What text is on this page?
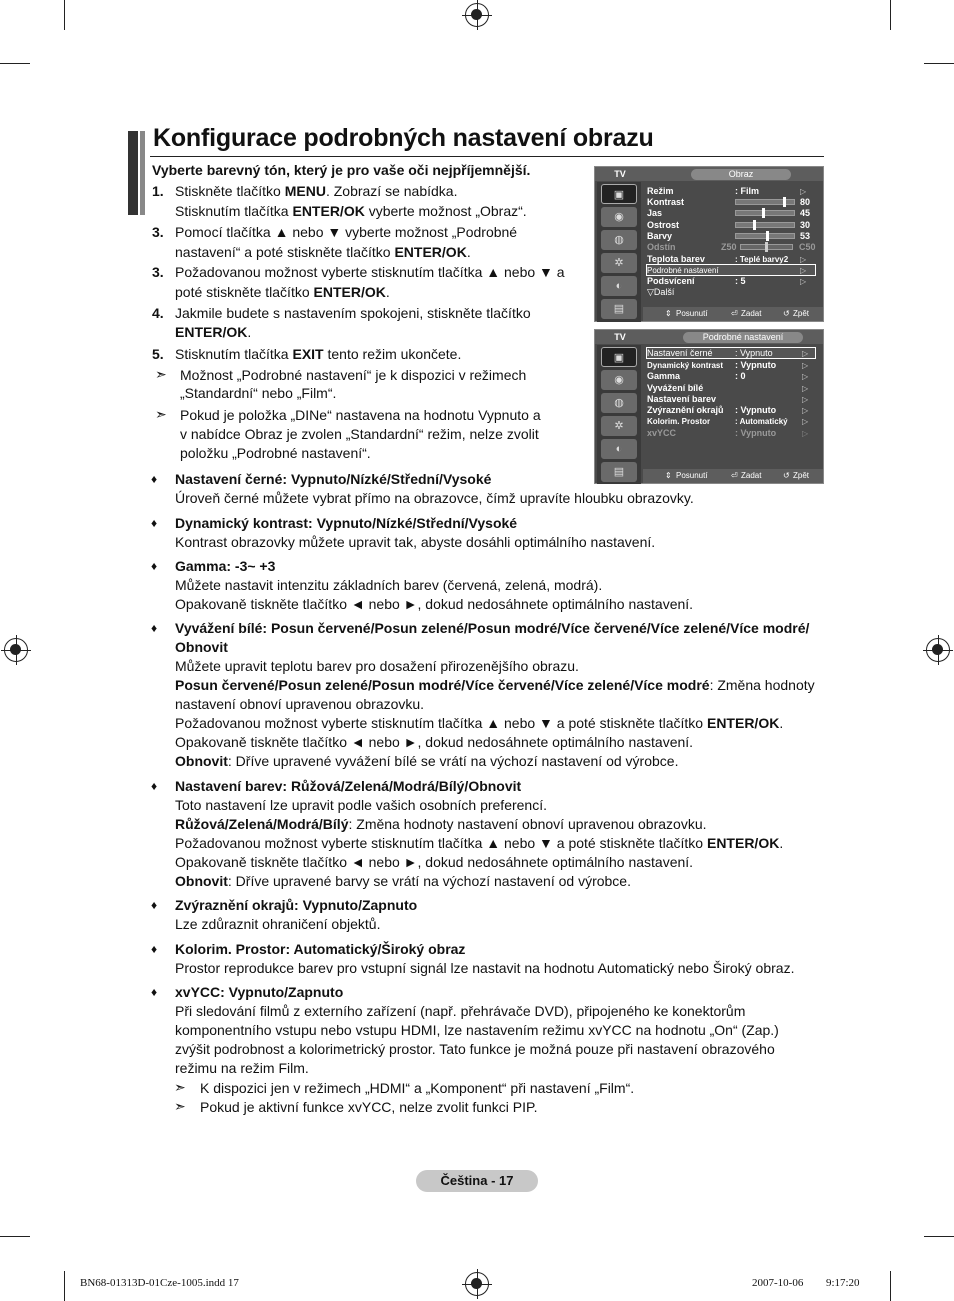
Konfigurace podrobných nastavení obrazu
Vyberte barevný tón, který je pro vaše oči nejpříjemnější.
1. Stiskněte tlačítko MENU. Zobrazí se nabídka.
Stisknutím tlačítka ENTER/OK vyberte možnost „Obraz“.
3. Pomocí tlačítka ▲ nebo ▼ vyberte možnost „Podrobné
nastavení“ a poté stiskněte tlačítko ENTER/OK.
3. Požadovanou možnost vyberte stisknutím tlačítka ▲ nebo ▼ a
poté stiskněte tlačítko ENTER/OK.
4. Jakmile budete s nastavením spokojeni, stiskněte tlačítko
ENTER/OK.
5. Stisknutím tlačítka EXIT tento režim ukončete.
➣ Možnost „Podrobné nastavení“ je k dispozici v režimech
„Standardní“ nebo „Film“.
➣ Pokud je položka „DINe“ nastavena na hodnotu Vypnuto a
v nabídce Obraz je zvolen „Standardní“ režim, nelze zvolit
položku „Podrobné nastavení“.
TV	Obraz
▣
◉
◍
✲
◐
▤
Režim	: Film	▷
Kontrast	80
Jas	45
Ostrost	30
Barvy	53
Odstín	Z50	C50
Teplota barev	: Teplé barvy2 ▷
Podrobné nastavení	▷
Podsvícení	: 5	▷
▽Další
⇕ Posunutí	⏎ Zadat	↺ Zpět
TV	Podrobné nastavení
▣
◉
◍
✲
◐
▤
Nastavení černé : Vypnuto	▷
Dynamický kontrast : Vypnuto	▷
Gamma	: 0	▷
Vyvážení bílé	▷
Nastavení barev	▷
Zvýraznění okrajů : Vypnuto	▷
Kolorim. Prostor	: Automatický ▷
xvYCC	: Vypnuto	▷
⇕ Posunutí	⏎ Zadat	↺ Zpět
♦ Nastavení černé: Vypnuto/Nízké/Střední/Vysoké
Úroveň černé můžete vybrat přímo na obrazovce, čímž upravíte hloubku obrazovky.
♦ Dynamický kontrast: Vypnuto/Nízké/Střední/Vysoké
Kontrast obrazovky můžete upravit tak, abyste dosáhli optimálního nastavení.
♦ Gamma: -3~ +3
Můžete nastavit intenzitu základních barev (červená, zelená, modrá).
Opakovaně tiskněte tlačítko ◄ nebo ►, dokud nedosáhnete optimálního nastavení.
♦ Vyvážení bílé: Posun červené/Posun zelené/Posun modré/Více červené/Více zelené/Více modré/
Obnovit
Můžete upravit teplotu barev pro dosažení přirozenějšího obrazu.
Posun červené/Posun zelené/Posun modré/Více červené/Více zelené/Více modré: Změna hodnoty
nastavení obnoví upravenou obrazovku.
Požadovanou možnost vyberte stisknutím tlačítka ▲ nebo ▼ a poté stiskněte tlačítko ENTER/OK.
Opakovaně tiskněte tlačítko ◄ nebo ►, dokud nedosáhnete optimálního nastavení.
Obnovit: Dříve upravené vyvážení bílé se vrátí na výchozí nastavení od výrobce.
♦ Nastavení barev: Růžová/Zelená/Modrá/Bílý/Obnovit
Toto nastavení lze upravit podle vašich osobních preferencí.
Růžová/Zelená/Modrá/Bílý: Změna hodnoty nastavení obnoví upravenou obrazovku.
Požadovanou možnost vyberte stisknutím tlačítka ▲ nebo ▼ a poté stiskněte tlačítko ENTER/OK.
Opakovaně tiskněte tlačítko ◄ nebo ►, dokud nedosáhnete optimálního nastavení.
Obnovit: Dříve upravené barvy se vrátí na výchozí nastavení od výrobce.
♦ Zvýraznění okrajů: Vypnuto/Zapnuto
Lze zdůraznit ohraničení objektů.
♦ Kolorim. Prostor: Automatický/Široký obraz
Prostor reprodukce barev pro vstupní signál lze nastavit na hodnotu Automatický nebo Široký obraz.
♦ xvYCC: Vypnuto/Zapnuto
Při sledování filmů z externího zařízení (např. přehrávače DVD), připojeného ke konektorům
komponentního vstupu nebo vstupu HDMI, lze nastavením režimu xvYCC na hodnotu „On“ (Zap.)
zvýšit podrobnost a kolorimetrický prostor. Tato funkce je možná pouze při nastavení obrazového
režimu na režim Film.
➣ K dispozici jen v režimech „HDMI“ a „Komponent“ při nastavení „Film“.
➣ Pokud je aktivní funkce xvYCC, nelze zvolit funkci PIP.
Čeština - 17
BN68-01313D-01Cze-1005.indd 17	2007-10-06 ￿￿ 9:17:20
